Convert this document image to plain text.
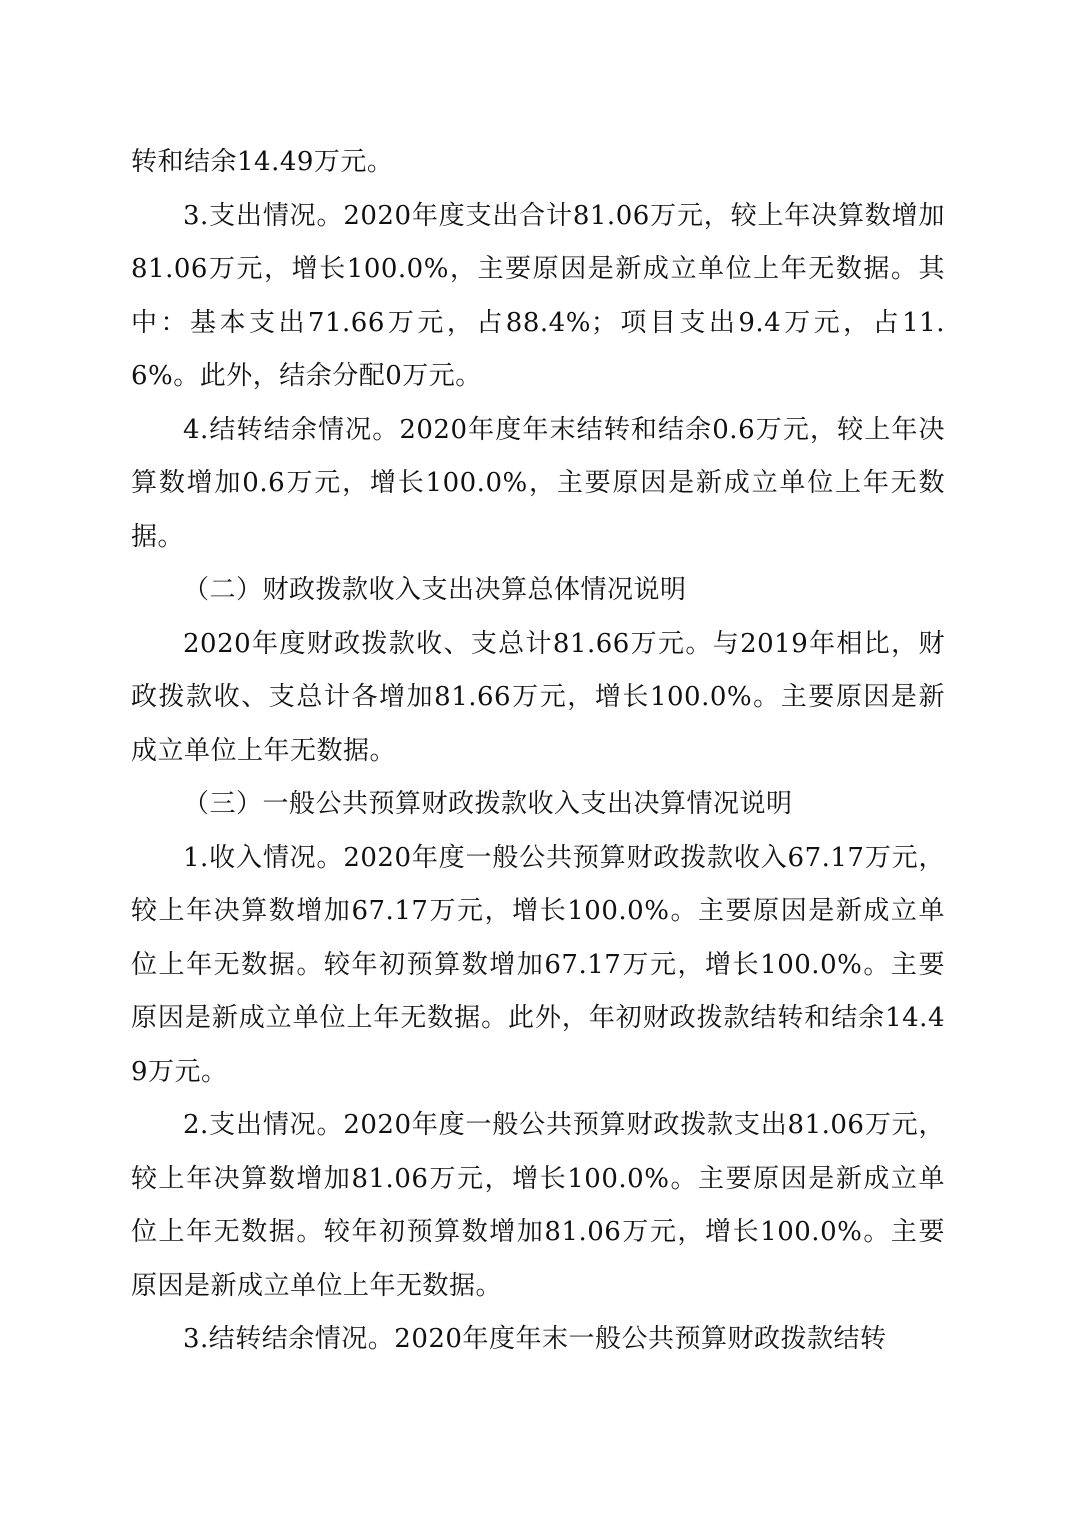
转和结余14.49万元。

3.支出情况。2020年度支出合计81.06万元，较上年决算数增加81.06万元，增长100.0%，主要原因是新成立单位上年无数据。其中：基本支出71.66万元，占88.4%；项目支出9.4万元，占11.6%。此外，结余分配0万元。

4.结转结余情况。2020年度年末结转和结余0.6万元，较上年决算数增加0.6万元，增长100.0%，主要原因是新成立单位上年无数据。

（二）财政拨款收入支出决算总体情况说明

2020年度财政拨款收、支总计81.66万元。与2019年相比，财政拨款收、支总计各增加81.66万元，增长100.0%。主要原因是新成立单位上年无数据。

（三）一般公共预算财政拨款收入支出决算情况说明

1.收入情况。2020年度一般公共预算财政拨款收入67.17万元，较上年决算数增加67.17万元，增长100.0%。主要原因是新成立单位上年无数据。较年初预算数增加67.17万元，增长100.0%。主要原因是新成立单位上年无数据。此外，年初财政拨款结转和结余14.49万元。

2.支出情况。2020年度一般公共预算财政拨款支出81.06万元，较上年决算数增加81.06万元，增长100.0%。主要原因是新成立单位上年无数据。较年初预算数增加81.06万元，增长100.0%。主要原因是新成立单位上年无数据。

3.结转结余情况。2020年度年末一般公共预算财政拨款结转
